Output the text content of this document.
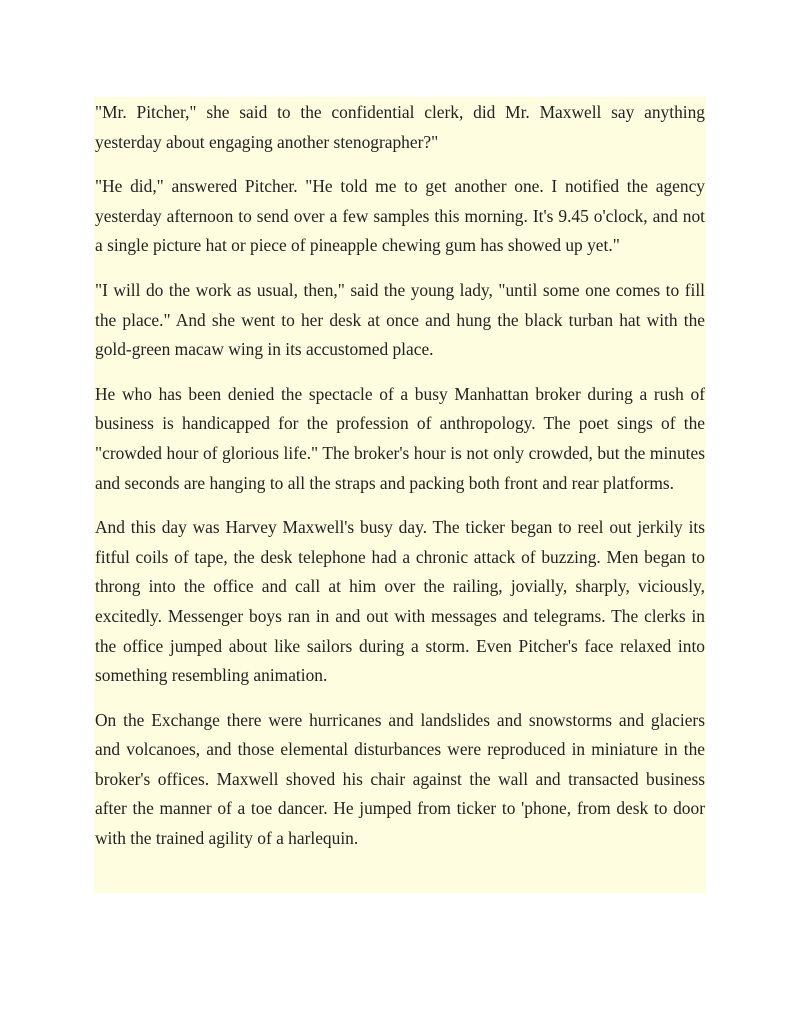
"Mr. Pitcher," she said to the confidential clerk, did Mr. Maxwell say anything yesterday about engaging another stenographer?"

"He did," answered Pitcher. "He told me to get another one. I notified the agency yesterday afternoon to send over a few samples this morning. It's 9.45 o'clock, and not a single picture hat or piece of pineapple chewing gum has showed up yet."

"I will do the work as usual, then," said the young lady, "until some one comes to fill the place." And she went to her desk at once and hung the black turban hat with the gold-green macaw wing in its accustomed place.

He who has been denied the spectacle of a busy Manhattan broker during a rush of business is handicapped for the profession of anthropology. The poet sings of the "crowded hour of glorious life." The broker's hour is not only crowded, but the minutes and seconds are hanging to all the straps and packing both front and rear platforms.

And this day was Harvey Maxwell's busy day. The ticker began to reel out jerkily its fitful coils of tape, the desk telephone had a chronic attack of buzzing. Men began to throng into the office and call at him over the railing, jovially, sharply, viciously, excitedly. Messenger boys ran in and out with messages and telegrams. The clerks in the office jumped about like sailors during a storm. Even Pitcher's face relaxed into something resembling animation.

On the Exchange there were hurricanes and landslides and snowstorms and glaciers and volcanoes, and those elemental disturbances were reproduced in miniature in the broker's offices. Maxwell shoved his chair against the wall and transacted business after the manner of a toe dancer. He jumped from ticker to 'phone, from desk to door with the trained agility of a harlequin.
